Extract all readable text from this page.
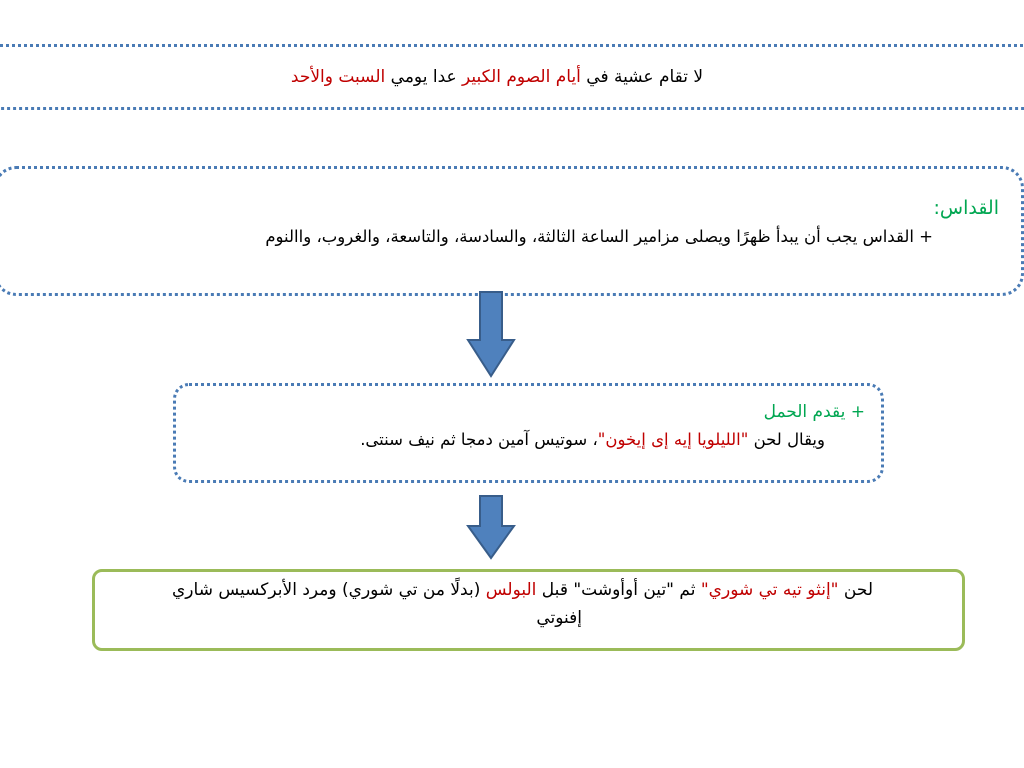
لا تقام عشية في أيام الصوم الكبير عدا يومي السبت والأحد
القداس:
+ القداس يجب أن يبدأ ظهرًا ويصلى مزامير الساعة الثالثة، والسادسة، والتاسعة، والغروب، واالنوم
+ يقدم الحمل
ويقال لحن "الليلويا إيه إى إيخون"، سوتيس آمين دمجا ثم نيف سنتى.
لحن "إنثو تيه تي شوري" ثم "تين أوأوشت" قبل البولس (بدلًا من تي شوري) ومرد الأبركسيس شاري
إفنوتي
